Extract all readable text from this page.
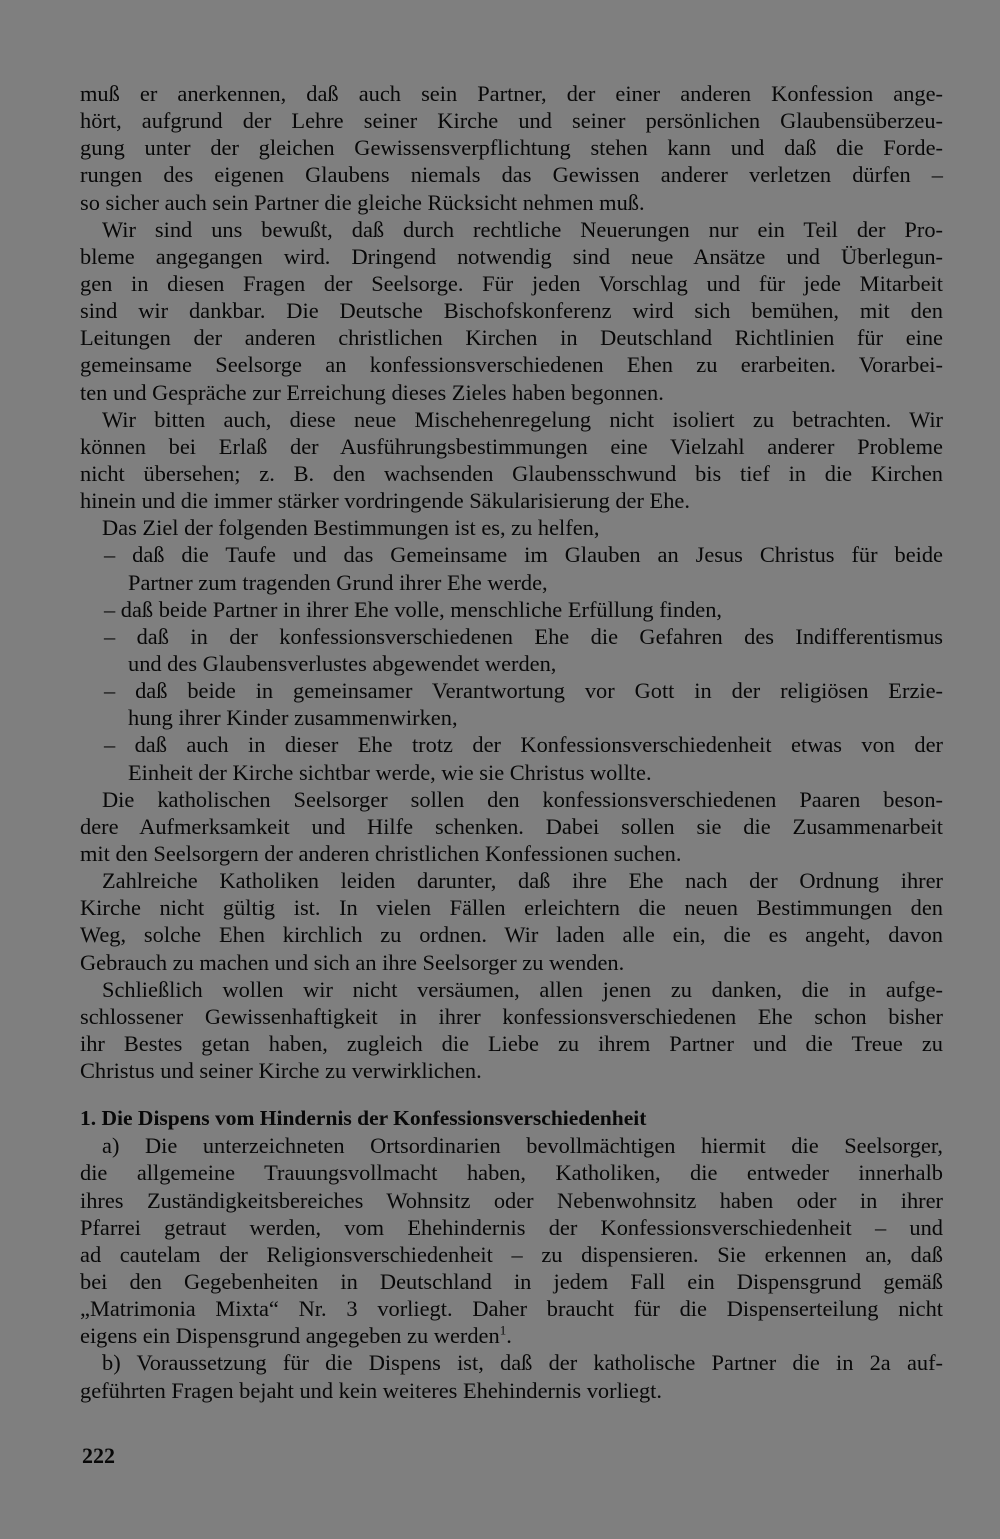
muß er anerkennen, daß auch sein Partner, der einer anderen Konfession ange-
hört, aufgrund der Lehre seiner Kirche und seiner persönlichen Glaubensüberzeu-
gung unter der gleichen Gewissensverpflichtung stehen kann und daß die Forde-
rungen des eigenen Glaubens niemals das Gewissen anderer verletzen dürfen –
so sicher auch sein Partner die gleiche Rücksicht nehmen muß.
Wir sind uns bewußt, daß durch rechtliche Neuerungen nur ein Teil der Pro-
bleme angegangen wird. Dringend notwendig sind neue Ansätze und Überlegun-
gen in diesen Fragen der Seelsorge. Für jeden Vorschlag und für jede Mitarbeit
sind wir dankbar. Die Deutsche Bischofskonferenz wird sich bemühen, mit den
Leitungen der anderen christlichen Kirchen in Deutschland Richtlinien für eine
gemeinsame Seelsorge an konfessionsverschiedenen Ehen zu erarbeiten. Vorarbei-
ten und Gespräche zur Erreichung dieses Zieles haben begonnen.
Wir bitten auch, diese neue Mischehenregelung nicht isoliert zu betrachten. Wir
können bei Erlaß der Ausführungsbestimmungen eine Vielzahl anderer Probleme
nicht übersehen; z. B. den wachsenden Glaubensschwund bis tief in die Kirchen
hinein und die immer stärker vordringende Säkularisierung der Ehe.
Das Ziel der folgenden Bestimmungen ist es, zu helfen,
– daß die Taufe und das Gemeinsame im Glauben an Jesus Christus für beide
Partner zum tragenden Grund ihrer Ehe werde,
– daß beide Partner in ihrer Ehe volle, menschliche Erfüllung finden,
– daß in der konfessionsverschiedenen Ehe die Gefahren des Indifferentismus
und des Glaubensverlustes abgewendet werden,
– daß beide in gemeinsamer Verantwortung vor Gott in der religiösen Erzie-
hung ihrer Kinder zusammenwirken,
– daß auch in dieser Ehe trotz der Konfessionsverschiedenheit etwas von der
Einheit der Kirche sichtbar werde, wie sie Christus wollte.
Die katholischen Seelsorger sollen den konfessionsverschiedenen Paaren beson-
dere Aufmerksamkeit und Hilfe schenken. Dabei sollen sie die Zusammenarbeit
mit den Seelsorgern der anderen christlichen Konfessionen suchen.
Zahlreiche Katholiken leiden darunter, daß ihre Ehe nach der Ordnung ihrer
Kirche nicht gültig ist. In vielen Fällen erleichtern die neuen Bestimmungen den
Weg, solche Ehen kirchlich zu ordnen. Wir laden alle ein, die es angeht, davon
Gebrauch zu machen und sich an ihre Seelsorger zu wenden.
Schließlich wollen wir nicht versäumen, allen jenen zu danken, die in aufge-
schlossener Gewissenhaftigkeit in ihrer konfessionsverschiedenen Ehe schon bisher
ihr Bestes getan haben, zugleich die Liebe zu ihrem Partner und die Treue zu
Christus und seiner Kirche zu verwirklichen.
1. Die Dispens vom Hindernis der Konfessionsverschiedenheit
a) Die unterzeichneten Ortsordinarien bevollmächtigen hiermit die Seelsorger,
die allgemeine Trauungsvollmacht haben, Katholiken, die entweder innerhalb
ihres Zuständigkeitsbereiches Wohnsitz oder Nebenwohnsitz haben oder in ihrer
Pfarrei getraut werden, vom Ehehindernis der Konfessionsverschiedenheit – und
ad cautelam der Religionsverschiedenheit – zu dispensieren. Sie erkennen an, daß
bei den Gegebenheiten in Deutschland in jedem Fall ein Dispensgrund gemäß
„Matrimonia Mixta“ Nr. 3 vorliegt. Daher braucht für die Dispenserteilung nicht
eigens ein Dispensgrund angegeben zu werden$^1$.
b) Voraussetzung für die Dispens ist, daß der katholische Partner die in 2a auf-
geführten Fragen bejaht und kein weiteres Ehehindernis vorliegt.
222
